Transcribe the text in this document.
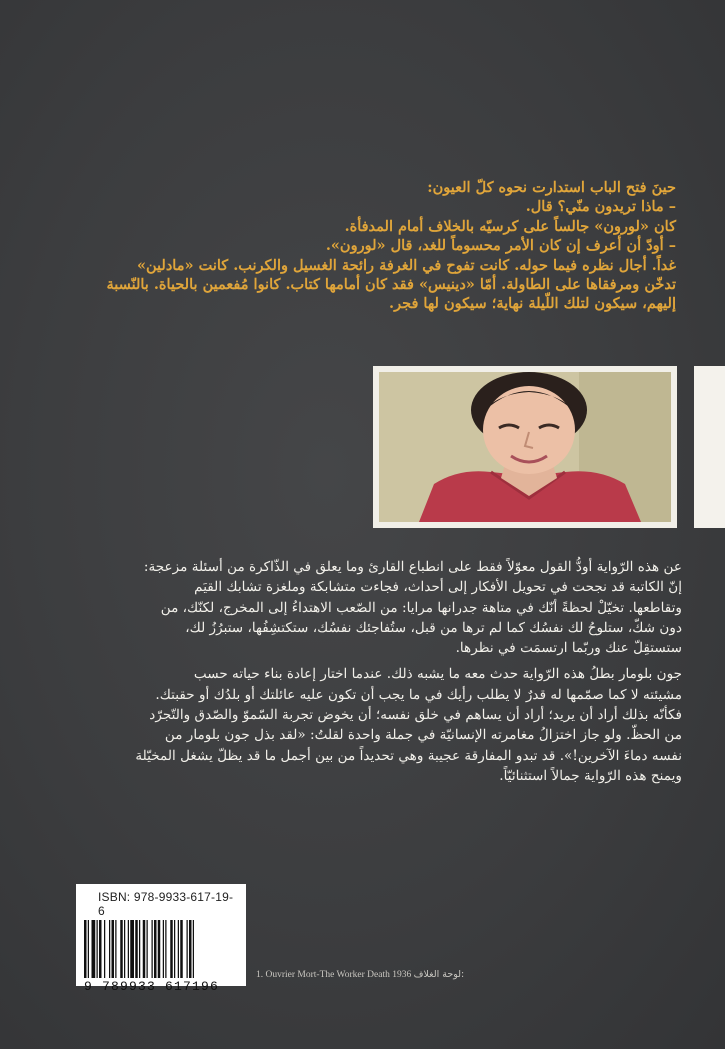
حينَ فتح الباب استدارت نحوه كلّ العيون:

– ماذا تريدون منّي؟ قال.

كان «لورون» جالساً على كرسيّه بالخلاف أمام المدفأة.

– أودّ أن أعرف إن كان الأمر محسوماً للغد، قال «لورون».

غداً. أجال نظره فيما حوله. كانت تفوح في الغرفة رائحة الغسيل والكرنب. كانت «مادلين»

تدخّن ومرفقاها على الطاولة. أمّا «دينيس» فقد كان أمامها كتاب. كانوا مُفعمين بالحياة. بالنّسبة

إليهم، سيكون لتلك اللّيلة نهاية؛ سيكون لها فجر.

عن هذه الرّواية أودُّ القول معوّلاً فقط على انطباع القارئ وما يعلق في الذّاكرة من أسئلة مزعجة:

إنّ الكاتبة قد نجحت في تحويل الأفكار إلى أحداث، فجاءت متشابكة وملغزة تشابك القيَم

وتقاطعها. تخيّلْ لحظةً أنّك في متاهة جدرانها مرايا: من الصّعب الاهتداءُ إلى المخرج، لكنّك، من

دون شكّ، ستلوحُ لك نفسُك كما لم ترها من قبل، ستُفاجئك نفسُك، ستكتشِفُها، ستبرُزُ لك،

ستستقِلّ عنك وربّما ارتسمَت في نظرها.

جون بلومار بطلُ هذه الرّواية حدث معه ما يشبه ذلك. عندما اختار إعادة بناء حياته حسب

مشيئته لا كما صمّمها له قدرٌ لا يطلب رأيك في ما يجب أن تكون عليه عائلتك أو بلدُك أو حقبتك.

فكأنّه بذلك أراد أن يريد؛ أراد أن يساهم في خلق نفسه؛ أن يخوض تجربة السّموّ والصّدق والتّجرّد

من الحظّ. ولو جاز اختزالُ مغامرته الإنسانيّة في جملة واحدة لقلتُ: «لقد بذل جون بلومار من

نفسه دماءَ الآخرين!». قد تبدو المفارقة عجيبة وهي تحديداً من بين أجمل ما قد يظلّ يشغل المخيّلة

ويمنح هذه الرّواية جمالاً استثنائيّاً.

ISBN: 978-9933-617-19-6
9 789933 617196
1. Ouvrier Mort-The Worker Death 1936 لوحة الغلاف:
